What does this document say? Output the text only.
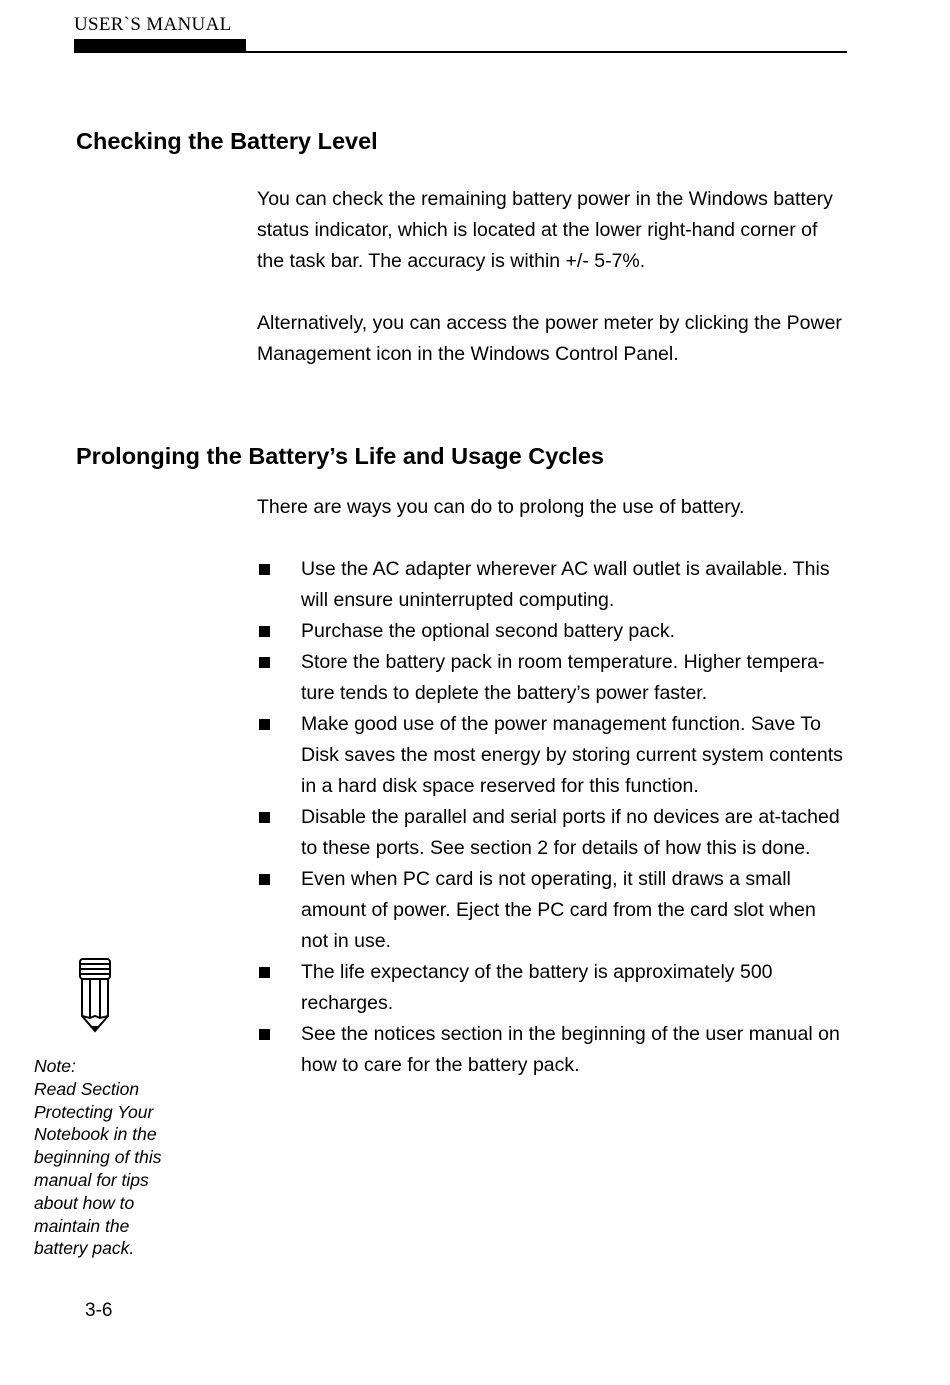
USER`S MANUAL
Checking the Battery Level

You can check the remaining battery power in the Windows battery status indicator, which is located at the lower right-hand corner of the task bar. The accuracy is within +/- 5-7%.

Alternatively, you can access the power meter by clicking the Power Management icon in the Windows Control Panel.

Prolonging the Battery’s Life and Usage Cycles

There are ways you can do to prolong the use of battery.

Use the AC adapter wherever AC wall outlet is available. This will ensure uninterrupted computing.
Purchase the optional second battery pack.
Store the battery pack in room temperature. Higher tempera-ture tends to deplete the battery’s power faster.
Make good use of the power management function. Save To Disk saves the most energy by storing current system contents in a hard disk space reserved for this function.
Disable the parallel and serial ports if no devices are at-tached to these ports. See section 2 for details of how this is done.
Even when PC card is not operating, it still draws a small amount of power. Eject the PC card from the card slot when not in use.
The life expectancy of the battery is approximately 500 recharges.
See the notices section in the beginning of the user manual on how to care for the battery pack.
Note:
Read Section
Protecting Your
Notebook in the
beginning of this
manual for tips
about how to
maintain the
battery pack.
3-6
